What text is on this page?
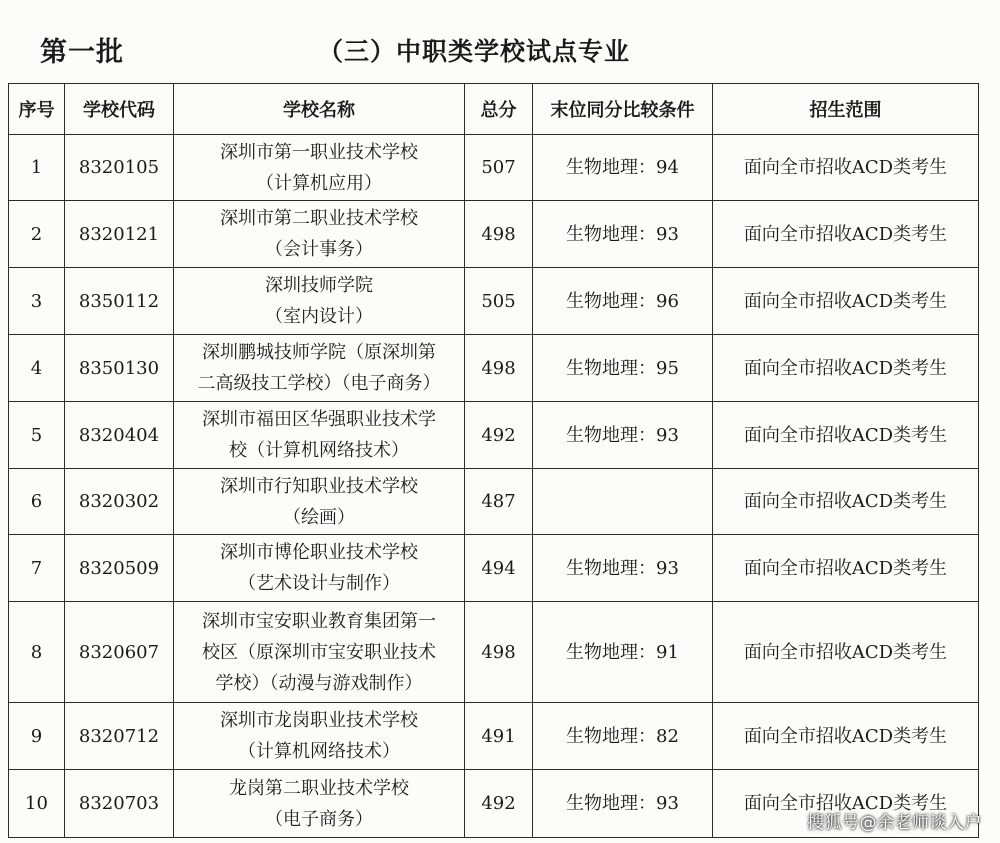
第一批	（三）中职类学校试点专业
序号	学校代码	学校名称	总分	末位同分比较条件	招生范围
1	8320105	深圳市第一职业技术学校
（计算机应用）	507	生物地理：94	面向全市招收ACD类考生
2	8320121	深圳市第二职业技术学校
（会计事务）	498	生物地理：93	面向全市招收ACD类考生
3	8350112	深圳技师学院
（室内设计）	505	生物地理：96	面向全市招收ACD类考生
4	8350130	深圳鹏城技师学院（原深圳第
二高级技工学校）（电子商务）	498	生物地理：95	面向全市招收ACD类考生
5	8320404	深圳市福田区华强职业技术学
校（计算机网络技术）	492	生物地理：93	面向全市招收ACD类考生
6	8320302	深圳市行知职业技术学校
（绘画）	487		面向全市招收ACD类考生
7	8320509	深圳市博伦职业技术学校
（艺术设计与制作）	494	生物地理：93	面向全市招收ACD类考生
8	8320607	深圳市宝安职业教育集团第一
校区（原深圳市宝安职业技术
学校）（动漫与游戏制作）	498	生物地理：91	面向全市招收ACD类考生
9	8320712	深圳市龙岗职业技术学校
（计算机网络技术）	491	生物地理：82	面向全市招收ACD类考生
10	8320703	龙岗第二职业技术学校
（电子商务）	492	生物地理：93	面向全市招收ACD类考生
搜狐号@余老师谈入户
